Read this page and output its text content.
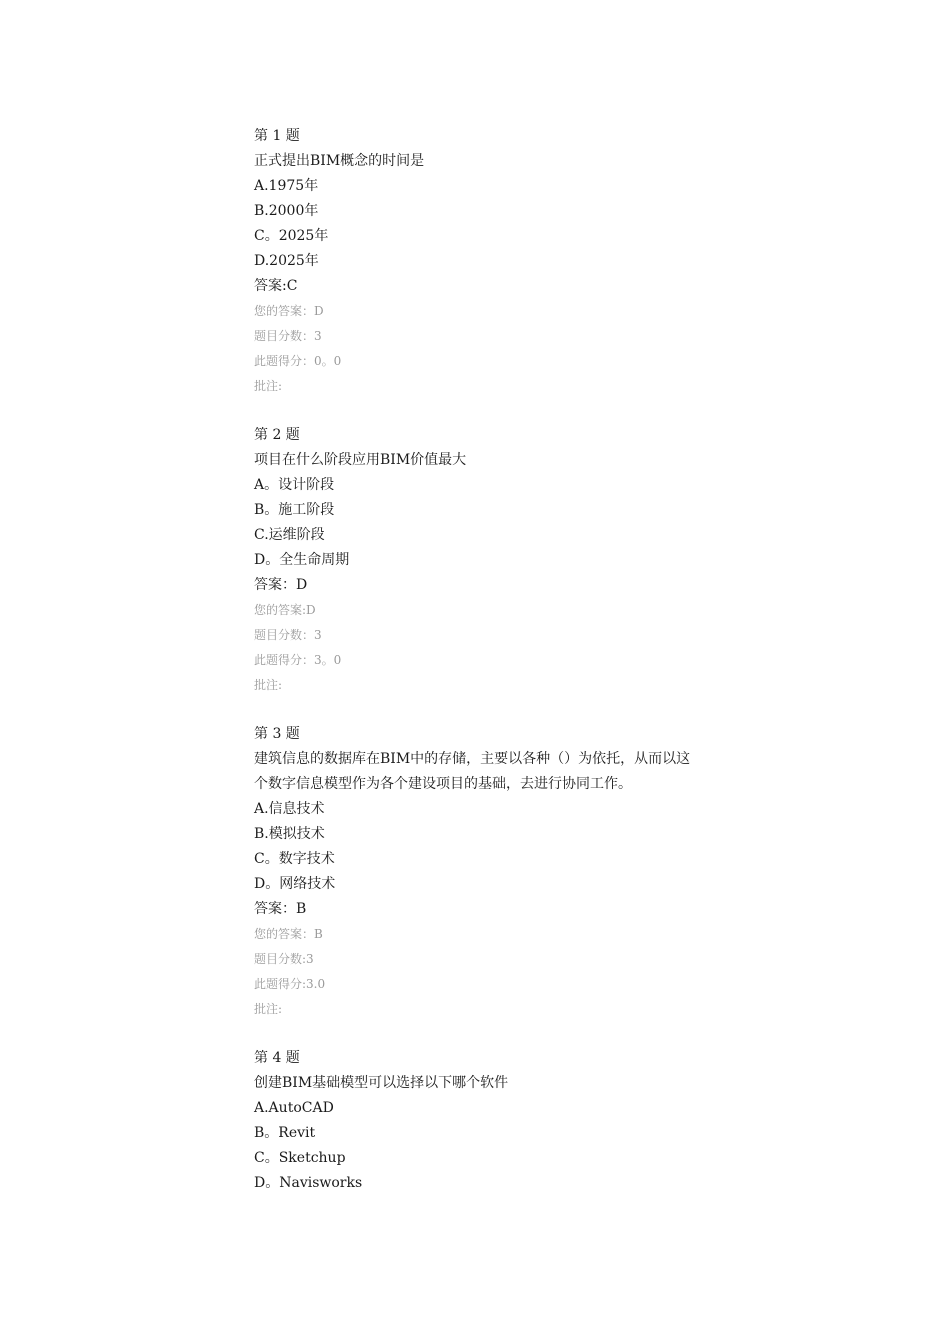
第 1 题
正式提出BIM概念的时间是
A.1975年
B.2000年
C。2025年
D.2025年
答案:C
您的答案：D
题目分数：3
此题得分：0。0
批注:
第 2 题
项目在什么阶段应用BIM价值最大
A。设计阶段
B。施工阶段
C.运维阶段
D。全生命周期
答案：D
您的答案:D
题目分数：3
此题得分：3。0
批注:
第 3 题
建筑信息的数据库在BIM中的存储，主要以各种（）为依托，从而以这个数字信息模型作为各个建设项目的基础，去进行协同工作。
A.信息技术
B.模拟技术
C。数字技术
D。网络技术
答案：B
您的答案：B
题目分数:3
此题得分:3.0
批注:
第 4 题
创建BIM基础模型可以选择以下哪个软件
A.AutoCAD
B。Revit
C。Sketchup
D。Navisworks
